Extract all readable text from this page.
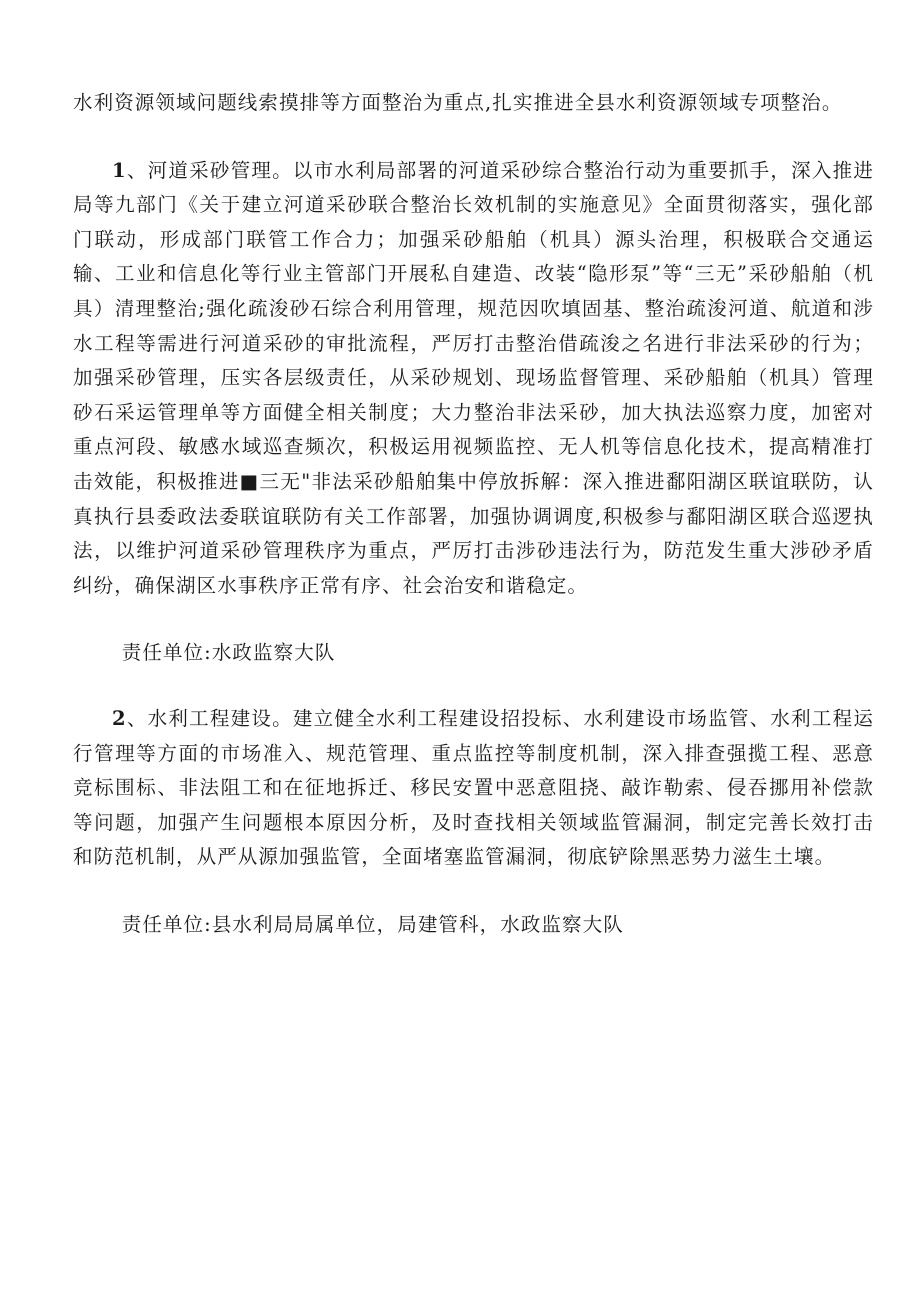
水利资源领域问题线索摸排等方面整治为重点,扎实推进全县水利资源领域专项整治。

1、河道采砂管理。以市水利局部署的河道采砂综合整治行动为重要抓手，深入推进局等九部门《关于建立河道采砂联合整治长效机制的实施意见》全面贯彻落实，强化部门联动，形成部门联管工作合力；加强采砂船舶（机具）源头治理，积极联合交通运输、工业和信息化等行业主管部门开展私自建造、改装“隐形泵”等“三无”采砂船舶（机具）清理整治;强化疏浚砂石综合利用管理，规范因吹填固基、整治疏浚河道、航道和涉水工程等需进行河道采砂的审批流程，严厉打击整治借疏浚之名进行非法采砂的行为；加强采砂管理，压实各层级责任，从采砂规划、现场监督管理、采砂船舶（机具）管理砂石采运管理单等方面健全相关制度；大力整治非法采砂，加大执法巡察力度，加密对重点河段、敏感水域巡查频次，积极运用视频监控、无人机等信息化技术，提高精准打击效能，积极推进■三无"非法采砂船舶集中停放拆解：深入推进鄱阳湖区联谊联防，认真执行县委政法委联谊联防有关工作部署，加强协调调度,积极参与鄱阳湖区联合巡逻执法，以维护河道采砂管理秩序为重点，严厉打击涉砂违法行为，防范发生重大涉砂矛盾纠纷，确保湖区水事秩序正常有序、社会治安和谐稳定。

责任单位:水政监察大队

2、水利工程建设。建立健全水利工程建设招投标、水利建设市场监管、水利工程运行管理等方面的市场准入、规范管理、重点监控等制度机制，深入排查强揽工程、恶意竞标围标、非法阻工和在征地拆迁、移民安置中恶意阻挠、敲诈勒索、侵吞挪用补偿款等问题，加强产生问题根本原因分析，及时查找相关领域监管漏洞，制定完善长效打击和防范机制，从严从源加强监管，全面堵塞监管漏洞，彻底铲除黑恶势力滋生土壤。

责任单位:县水利局局属单位，局建管科，水政监察大队
